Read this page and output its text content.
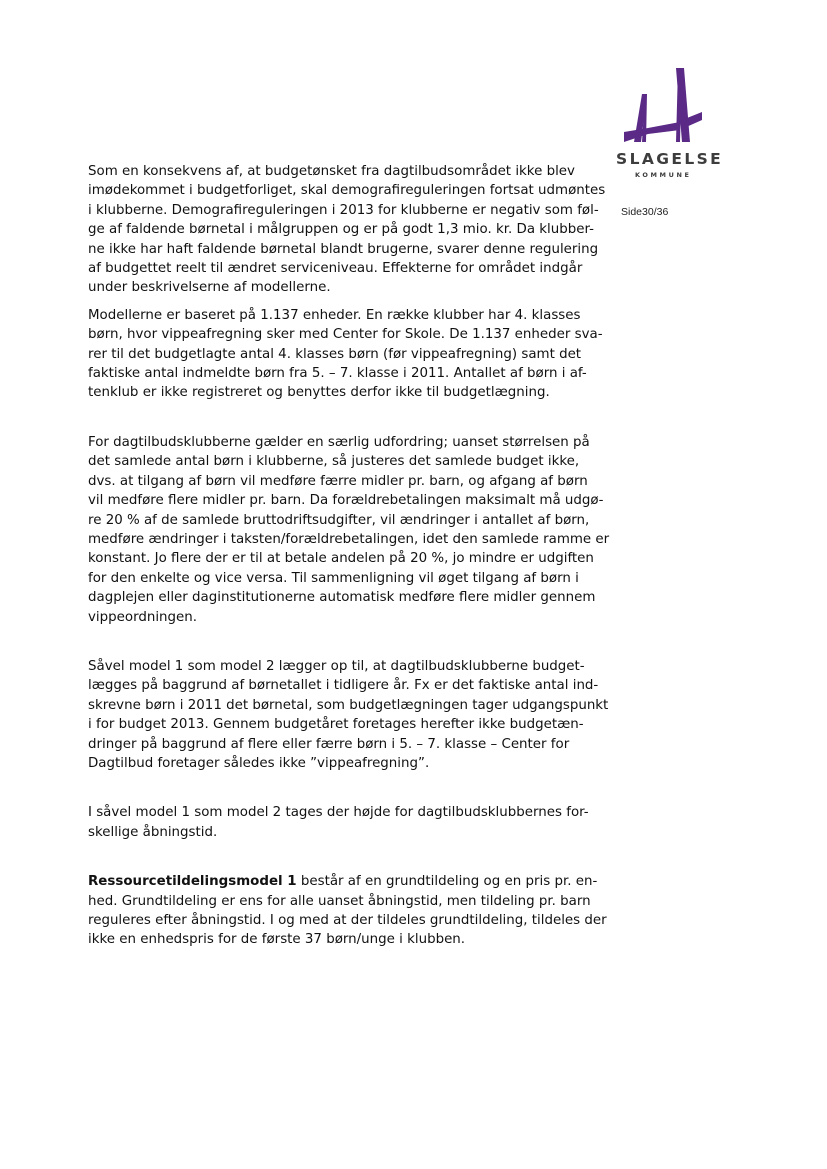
SLAGELSE
KOMMUNE
Side30/36

Som en konsekvens af, at budgetønsket fra dagtilbudsområdet ikke blev
imødekommet i budgetforliget, skal demografireguleringen fortsat udmøntes
i klubberne. Demografireguleringen i 2013 for klubberne er negativ som føl-
ge af faldende børnetal i målgruppen og er på godt 1,3 mio. kr. Da klubber-
ne ikke har haft faldende børnetal blandt brugerne, svarer denne regulering
af budgettet reelt til ændret serviceniveau. Effekterne for området indgår
under beskrivelserne af modellerne.

Modellerne er baseret på 1.137 enheder. En række klubber har 4. klasses
børn, hvor vippeafregning sker med Center for Skole. De 1.137 enheder sva-
rer til det budgetlagte antal 4. klasses børn (før vippeafregning) samt det
faktiske antal indmeldte børn fra 5. – 7. klasse i 2011. Antallet af børn i af-
tenklub er ikke registreret og benyttes derfor ikke til budgetlægning.

For dagtilbudsklubberne gælder en særlig udfordring; uanset størrelsen på
det samlede antal børn i klubberne, så justeres det samlede budget ikke,
dvs. at tilgang af børn vil medføre færre midler pr. barn, og afgang af børn
vil medføre flere midler pr. barn. Da forældrebetalingen maksimalt må udgø-
re 20 % af de samlede bruttodriftsudgifter, vil ændringer i antallet af børn,
medføre ændringer i taksten/forældrebetalingen, idet den samlede ramme er
konstant. Jo flere der er til at betale andelen på 20 %, jo mindre er udgiften
for den enkelte og vice versa. Til sammenligning vil øget tilgang af børn i
dagplejen eller daginstitutionerne automatisk medføre flere midler gennem
vippeordningen.

Såvel model 1 som model 2 lægger op til, at dagtilbudsklubberne budget-
lægges på baggrund af børnetallet i tidligere år. Fx er det faktiske antal ind-
skrevne børn i 2011 det børnetal, som budgetlægningen tager udgangspunkt
i for budget 2013. Gennem budgetåret foretages herefter ikke budgetæn-
dringer på baggrund af flere eller færre børn i 5. – 7. klasse – Center for
Dagtilbud foretager således ikke ”vippeafregning”.

I såvel model 1 som model 2 tages der højde for dagtilbudsklubbernes for-
skellige åbningstid.

Ressourcetildelingsmodel 1 består af en grundtildeling og en pris pr. en-
hed. Grundtildeling er ens for alle uanset åbningstid, men tildeling pr. barn
reguleres efter åbningstid. I og med at der tildeles grundtildeling, tildeles der
ikke en enhedspris for de første 37 børn/unge i klubben.
